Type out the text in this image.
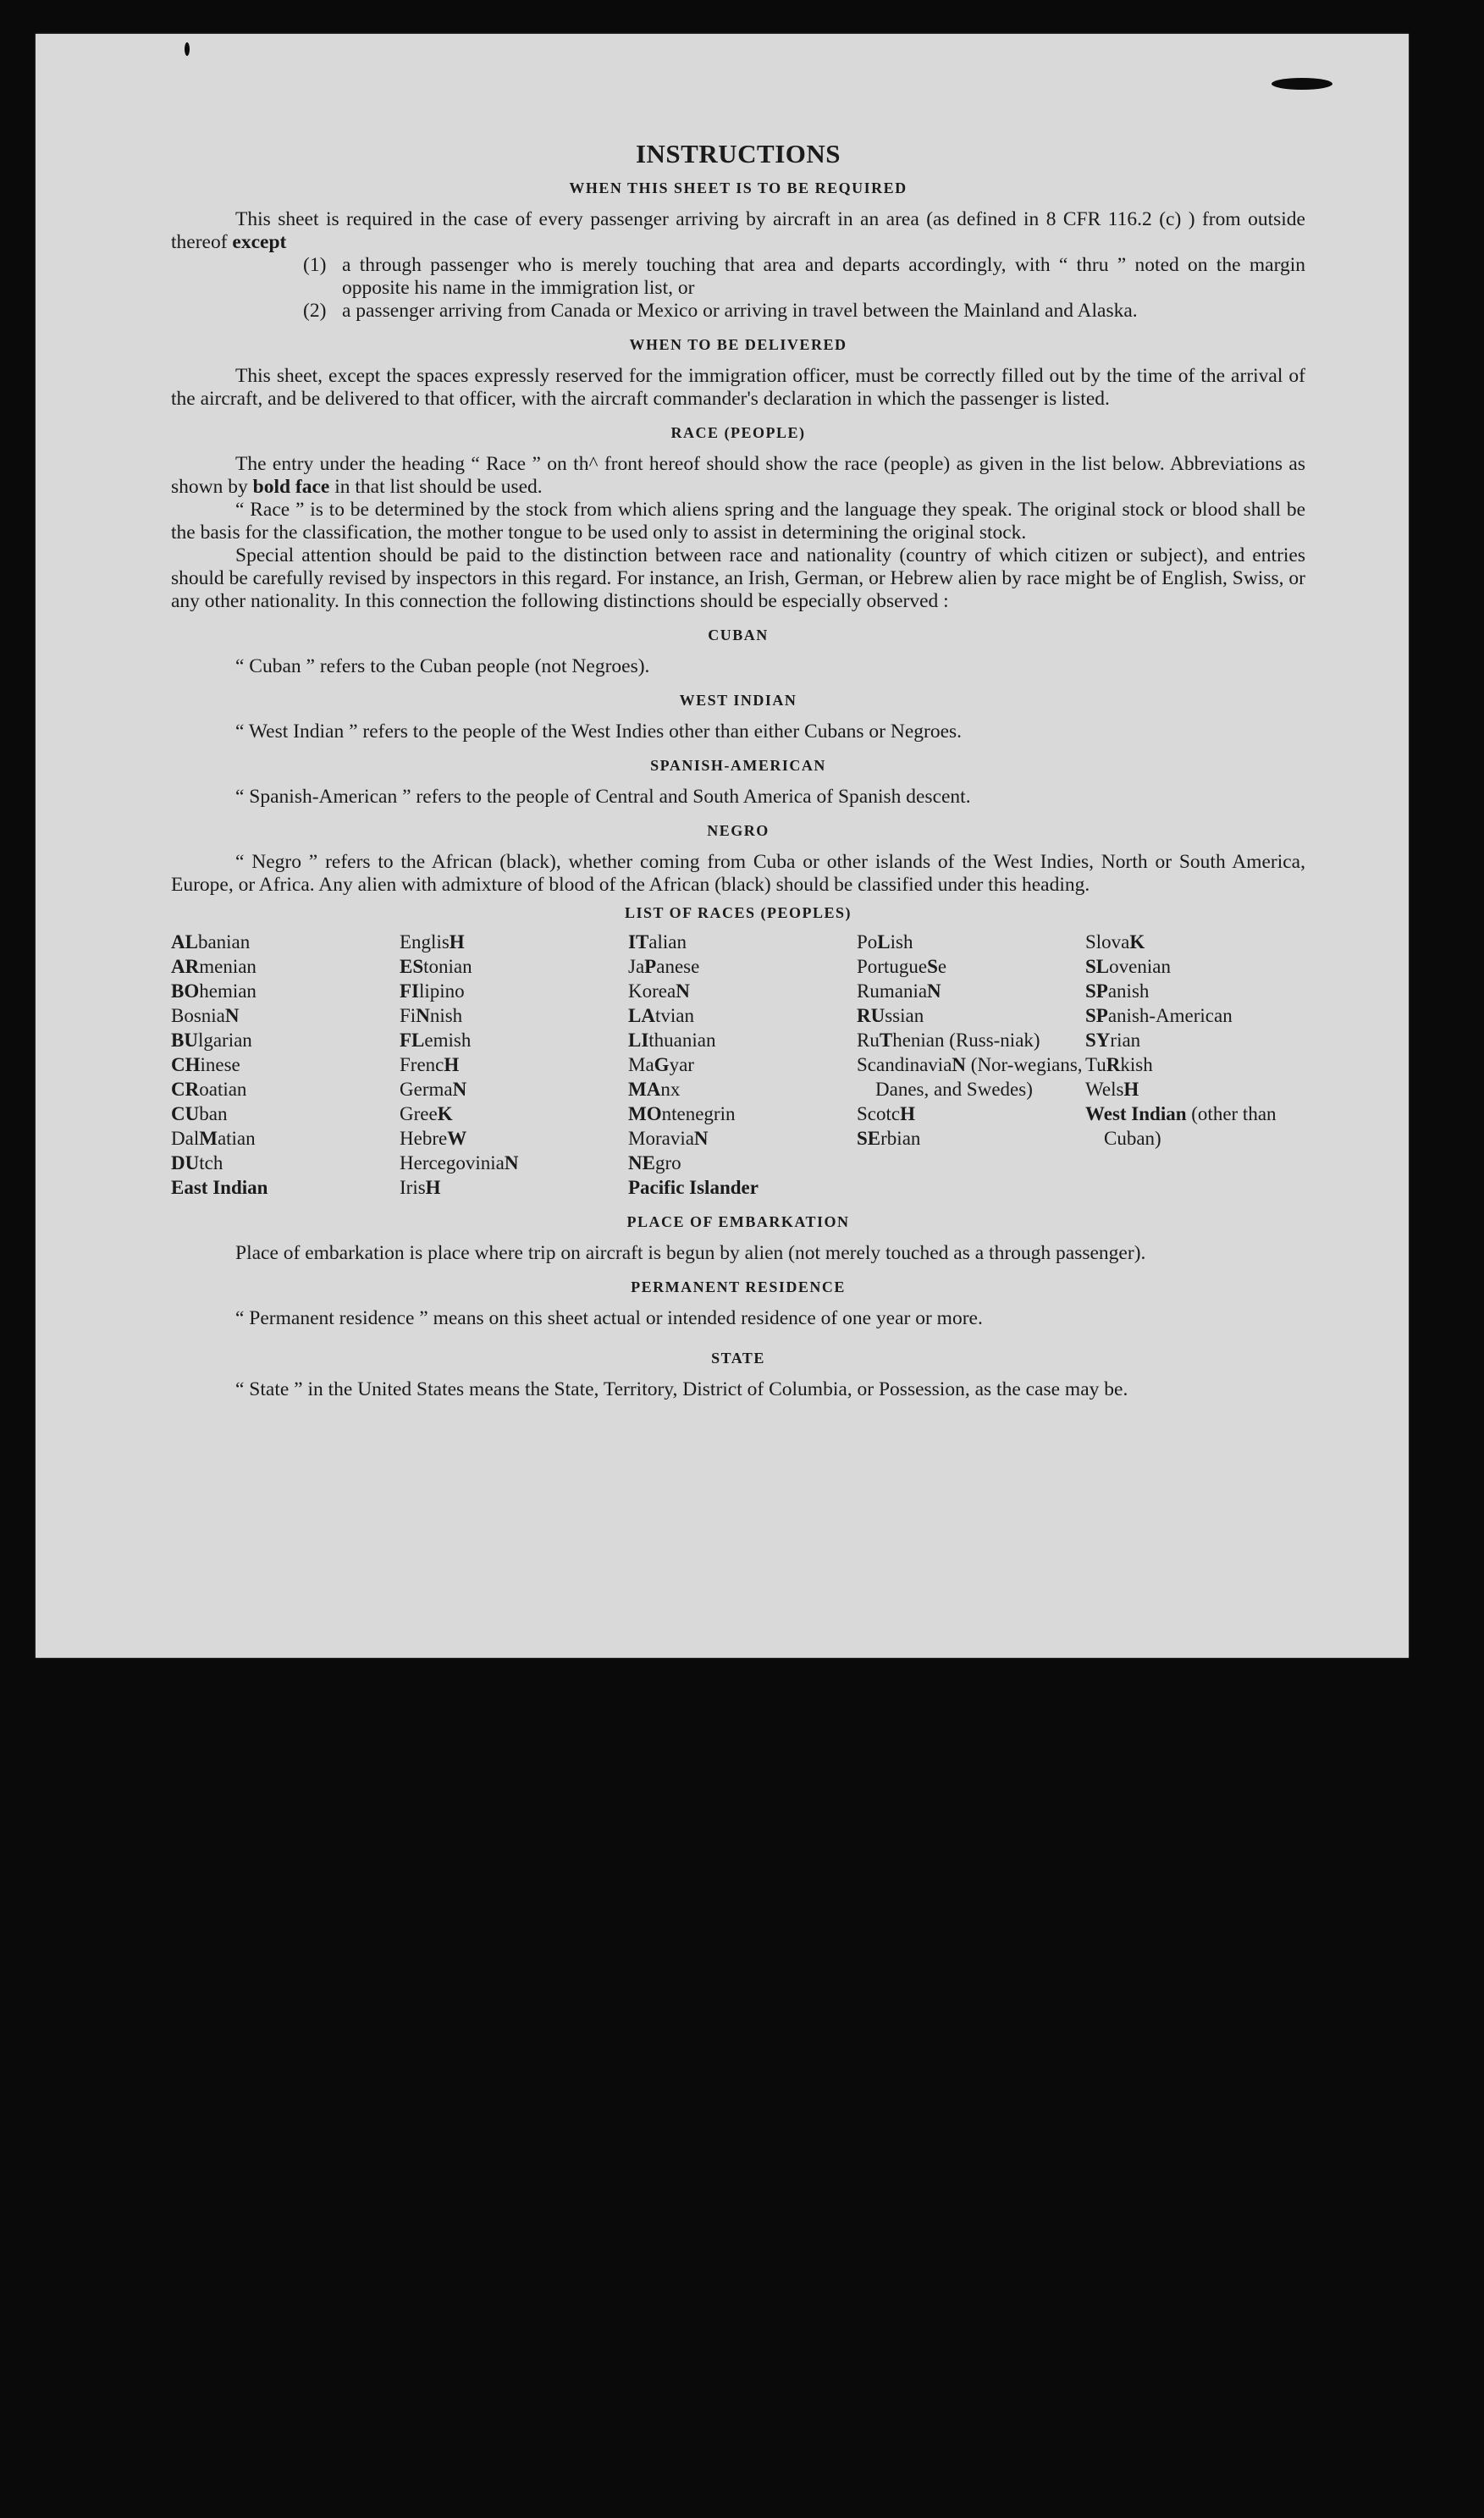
INSTRUCTIONS
WHEN THIS SHEET IS TO BE REQUIRED

This sheet is required in the case of every passenger arriving by aircraft in an area (as defined in 8 CFR 116.2 (c) ) from outside thereof except

(1) a through passenger who is merely touching that area and departs accordingly, with “ thru ” noted on the margin opposite his name in the immigration list, or
(2) a passenger arriving from Canada or Mexico or arriving in travel between the Mainland and Alaska.
WHEN TO BE DELIVERED

This sheet, except the spaces expressly reserved for the immigration officer, must be correctly filled out by the time of the arrival of the aircraft, and be delivered to that officer, with the aircraft commander's declaration in which the passenger is listed.

RACE (PEOPLE)

The entry under the heading “ Race ” on th^ front hereof should show the race (people) as given in the list below. Abbreviations as shown by bold face in that list should be used.

“ Race ” is to be determined by the stock from which aliens spring and the language they speak. The original stock or blood shall be the basis for the classification, the mother tongue to be used only to assist in determining the original stock.

Special attention should be paid to the distinction between race and nationality (country of which citizen or subject), and entries should be carefully revised by inspectors in this regard. For instance, an Irish, German, or Hebrew alien by race might be of English, Swiss, or any other nationality. In this connection the following distinctions should be especially observed :

CUBAN

“ Cuban ” refers to the Cuban people (not Negroes).

WEST INDIAN

“ West Indian ” refers to the people of the West Indies other than either Cubans or Negroes.

SPANISH-AMERICAN

“ Spanish-American ” refers to the people of Central and South America of Spanish descent.

NEGRO

“ Negro ” refers to the African (black), whether coming from Cuba or other islands of the West Indies, North or South America, Europe, or Africa. Any alien with admixture of blood of the African (black) should be classified under this heading.

LIST OF RACES (PEOPLES)
ALbanian
ARmenian
BOhemian
BosniaN
BUlgarian
CHinese
CRoatian
CUban
DalMatian
DUtch
East Indian
EnglisH
EStonian
FIlipino
FiNnish
FLemish
FrencH
GermaN
GreeK
HebreW
HercegoviniaN
IrisH
ITalian
JaPanese
KoreaN
LAtvian
LIthuanian
MaGyar
MAnx
MOntenegrin
MoraviaN
NEgro
Pacific Islander
PoLish
PortugueSe
RumaniaN
RUssian
RuThenian (Russ-niak)
ScandinaviaN (Nor-wegians, Danes, and Swedes)
ScotcH
SErbian
SlovaK
SLovenian
SPanish
SPanish-American
SYrian
TuRkish
WelsH
West Indian (other than Cuban)
PLACE OF EMBARKATION

Place of embarkation is place where trip on aircraft is begun by alien (not merely touched as a through passenger).

PERMANENT RESIDENCE

“ Permanent residence ” means on this sheet actual or intended residence of one year or more.

STATE

“ State ” in the United States means the State, Territory, District of Columbia, or Possession, as the case may be.
